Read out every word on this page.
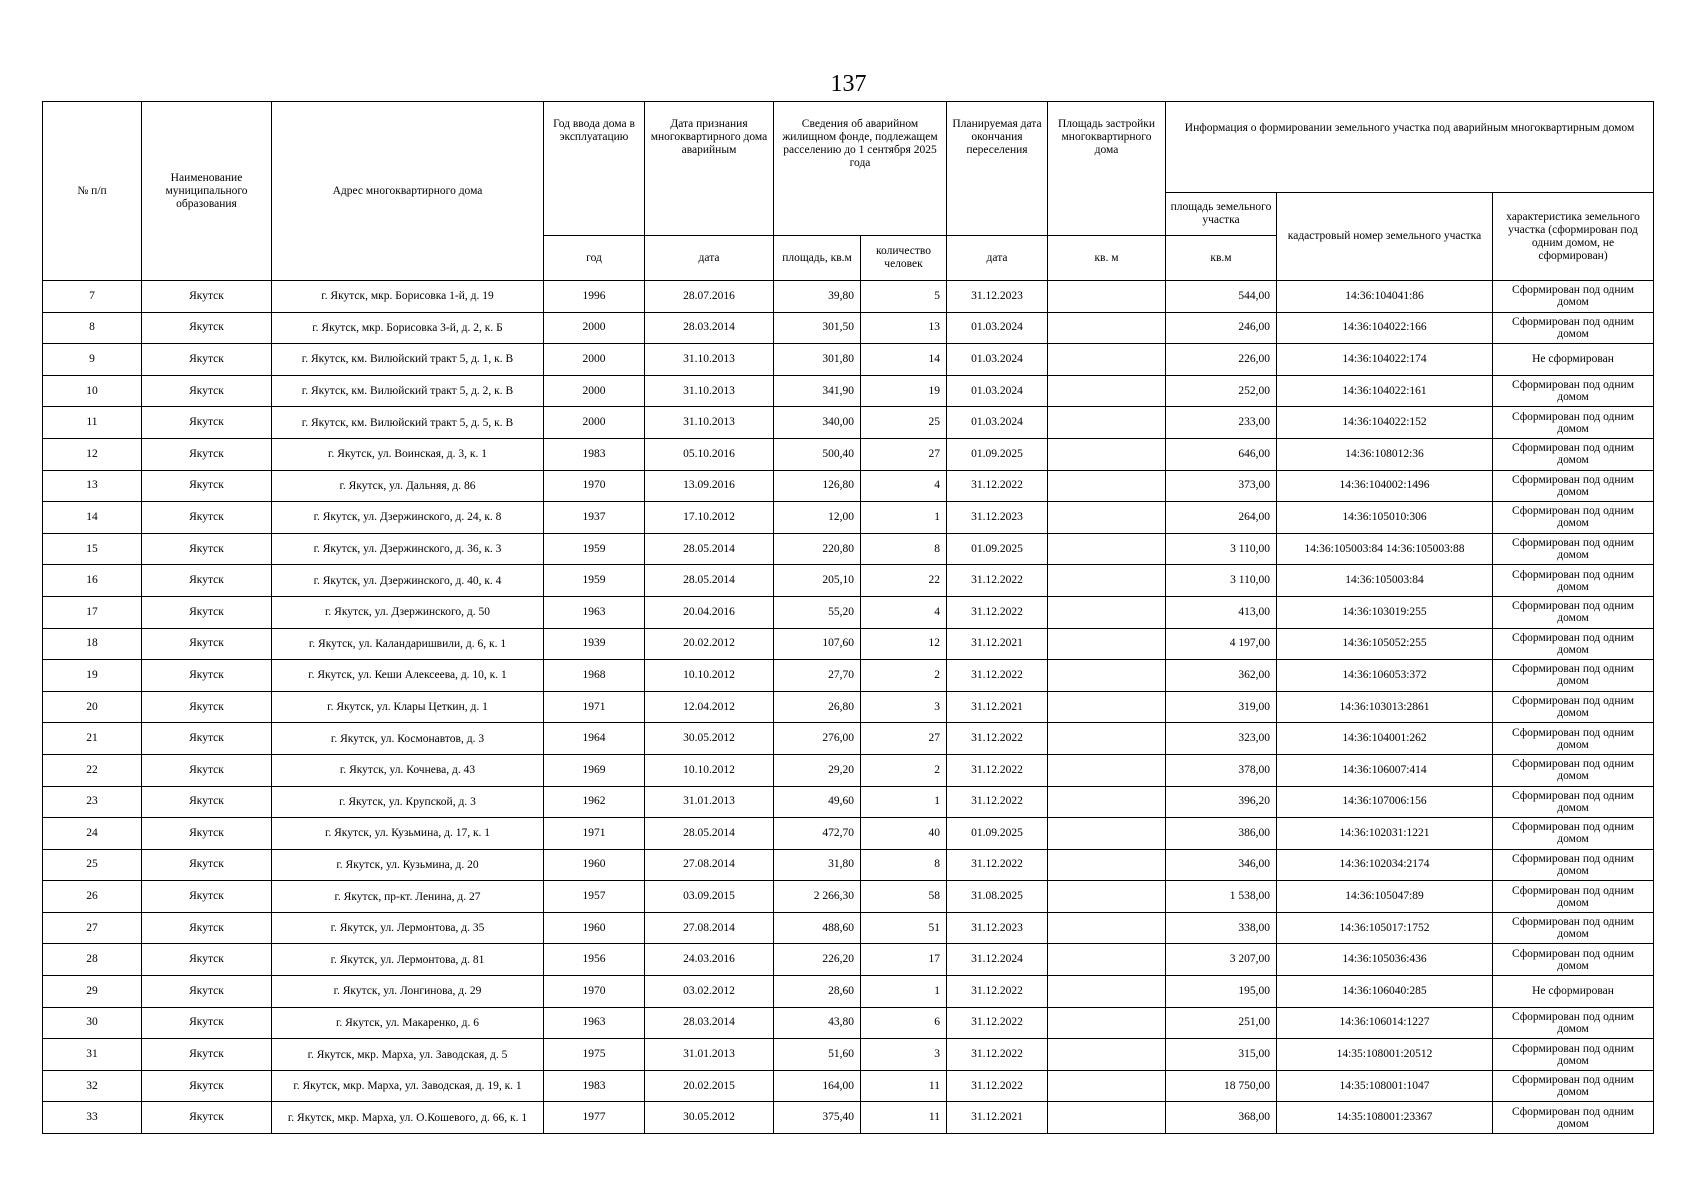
137
№ п/п	Наименование муниципального образования	Адрес многоквартирного дома	Год ввода дома в эксплуатацию	Дата признания многоквартирного дома аварийным	Сведения об аварийном жилищном фонде, подлежащем расселению до 1 сентября 2025 года		Планируемая дата окончания переселения	Площадь застройки многоквартирного дома	Информация о формировании земельного участка под аварийным многоквартирным домом		
									площадь земельного участка	кадастровый номер земельного участка	характеристика земельного участка (сформирован под одним домом, не сформирован)
			год	дата	площадь, кв.м	количество человек	дата	кв. м	кв.м		
7	Якутск	г. Якутск, мкр. Борисовка 1-й, д. 19	1996	28.07.2016	39,80	5	31.12.2023		544,00	14:36:104041:86	Сформирован под одним домом
8	Якутск	г. Якутск, мкр. Борисовка 3-й, д. 2, к. Б	2000	28.03.2014	301,50	13	01.03.2024		246,00	14:36:104022:166	Сформирован под одним домом
9	Якутск	г. Якутск, км. Вилюйский тракт 5, д. 1, к. В	2000	31.10.2013	301,80	14	01.03.2024		226,00	14:36:104022:174	Не сформирован
10	Якутск	г. Якутск, км. Вилюйский тракт 5, д. 2, к. В	2000	31.10.2013	341,90	19	01.03.2024		252,00	14:36:104022:161	Сформирован под одним домом
11	Якутск	г. Якутск, км. Вилюйский тракт 5, д. 5, к. В	2000	31.10.2013	340,00	25	01.03.2024		233,00	14:36:104022:152	Сформирован под одним домом
12	Якутск	г. Якутск, ул. Воинская, д. 3, к. 1	1983	05.10.2016	500,40	27	01.09.2025		646,00	14:36:108012:36	Сформирован под одним домом
13	Якутск	г. Якутск, ул. Дальняя, д. 86	1970	13.09.2016	126,80	4	31.12.2022		373,00	14:36:104002:1496	Сформирован под одним домом
14	Якутск	г. Якутск, ул. Дзержинского, д. 24, к. 8	1937	17.10.2012	12,00	1	31.12.2023		264,00	14:36:105010:306	Сформирован под одним домом
15	Якутск	г. Якутск, ул. Дзержинского, д. 36, к. 3	1959	28.05.2014	220,80	8	01.09.2025		3 110,00	14:36:105003:84 14:36:105003:88	Сформирован под одним домом
16	Якутск	г. Якутск, ул. Дзержинского, д. 40, к. 4	1959	28.05.2014	205,10	22	31.12.2022		3 110,00	14:36:105003:84	Сформирован под одним домом
17	Якутск	г. Якутск, ул. Дзержинского, д. 50	1963	20.04.2016	55,20	4	31.12.2022		413,00	14:36:103019:255	Сформирован под одним домом
18	Якутск	г. Якутск, ул. Каландаришвили, д. 6, к. 1	1939	20.02.2012	107,60	12	31.12.2021		4 197,00	14:36:105052:255	Сформирован под одним домом
19	Якутск	г. Якутск, ул. Кеши Алексеева, д. 10, к. 1	1968	10.10.2012	27,70	2	31.12.2022		362,00	14:36:106053:372	Сформирован под одним домом
20	Якутск	г. Якутск, ул. Клары Цеткин, д. 1	1971	12.04.2012	26,80	3	31.12.2021		319,00	14:36:103013:2861	Сформирован под одним домом
21	Якутск	г. Якутск, ул. Космонавтов, д. 3	1964	30.05.2012	276,00	27	31.12.2022		323,00	14:36:104001:262	Сформирован под одним домом
22	Якутск	г. Якутск, ул. Кочнева, д. 43	1969	10.10.2012	29,20	2	31.12.2022		378,00	14:36:106007:414	Сформирован под одним домом
23	Якутск	г. Якутск, ул. Крупской, д. 3	1962	31.01.2013	49,60	1	31.12.2022		396,20	14:36:107006:156	Сформирован под одним домом
24	Якутск	г. Якутск, ул. Кузьмина, д. 17, к. 1	1971	28.05.2014	472,70	40	01.09.2025		386,00	14:36:102031:1221	Сформирован под одним домом
25	Якутск	г. Якутск, ул. Кузьмина, д. 20	1960	27.08.2014	31,80	8	31.12.2022		346,00	14:36:102034:2174	Сформирован под одним домом
26	Якутск	г. Якутск, пр-кт. Ленина, д. 27	1957	03.09.2015	2 266,30	58	31.08.2025		1 538,00	14:36:105047:89	Сформирован под одним домом
27	Якутск	г. Якутск, ул. Лермонтова, д. 35	1960	27.08.2014	488,60	51	31.12.2023		338,00	14:36:105017:1752	Сформирован под одним домом
28	Якутск	г. Якутск, ул. Лермонтова, д. 81	1956	24.03.2016	226,20	17	31.12.2024		3 207,00	14:36:105036:436	Сформирован под одним домом
29	Якутск	г. Якутск, ул. Лонгинова, д. 29	1970	03.02.2012	28,60	1	31.12.2022		195,00	14:36:106040:285	Не сформирован
30	Якутск	г. Якутск, ул. Макаренко, д. 6	1963	28.03.2014	43,80	6	31.12.2022		251,00	14:36:106014:1227	Сформирован под одним домом
31	Якутск	г. Якутск, мкр. Марха, ул. Заводская, д. 5	1975	31.01.2013	51,60	3	31.12.2022		315,00	14:35:108001:20512	Сформирован под одним домом
32	Якутск	г. Якутск, мкр. Марха, ул. Заводская, д. 19, к. 1	1983	20.02.2015	164,00	11	31.12.2022		18 750,00	14:35:108001:1047	Сформирован под одним домом
33	Якутск	г. Якутск, мкр. Марха, ул. О.Кошевого, д. 66, к. 1	1977	30.05.2012	375,40	11	31.12.2021		368,00	14:35:108001:23367	Сформирован под одним домом
